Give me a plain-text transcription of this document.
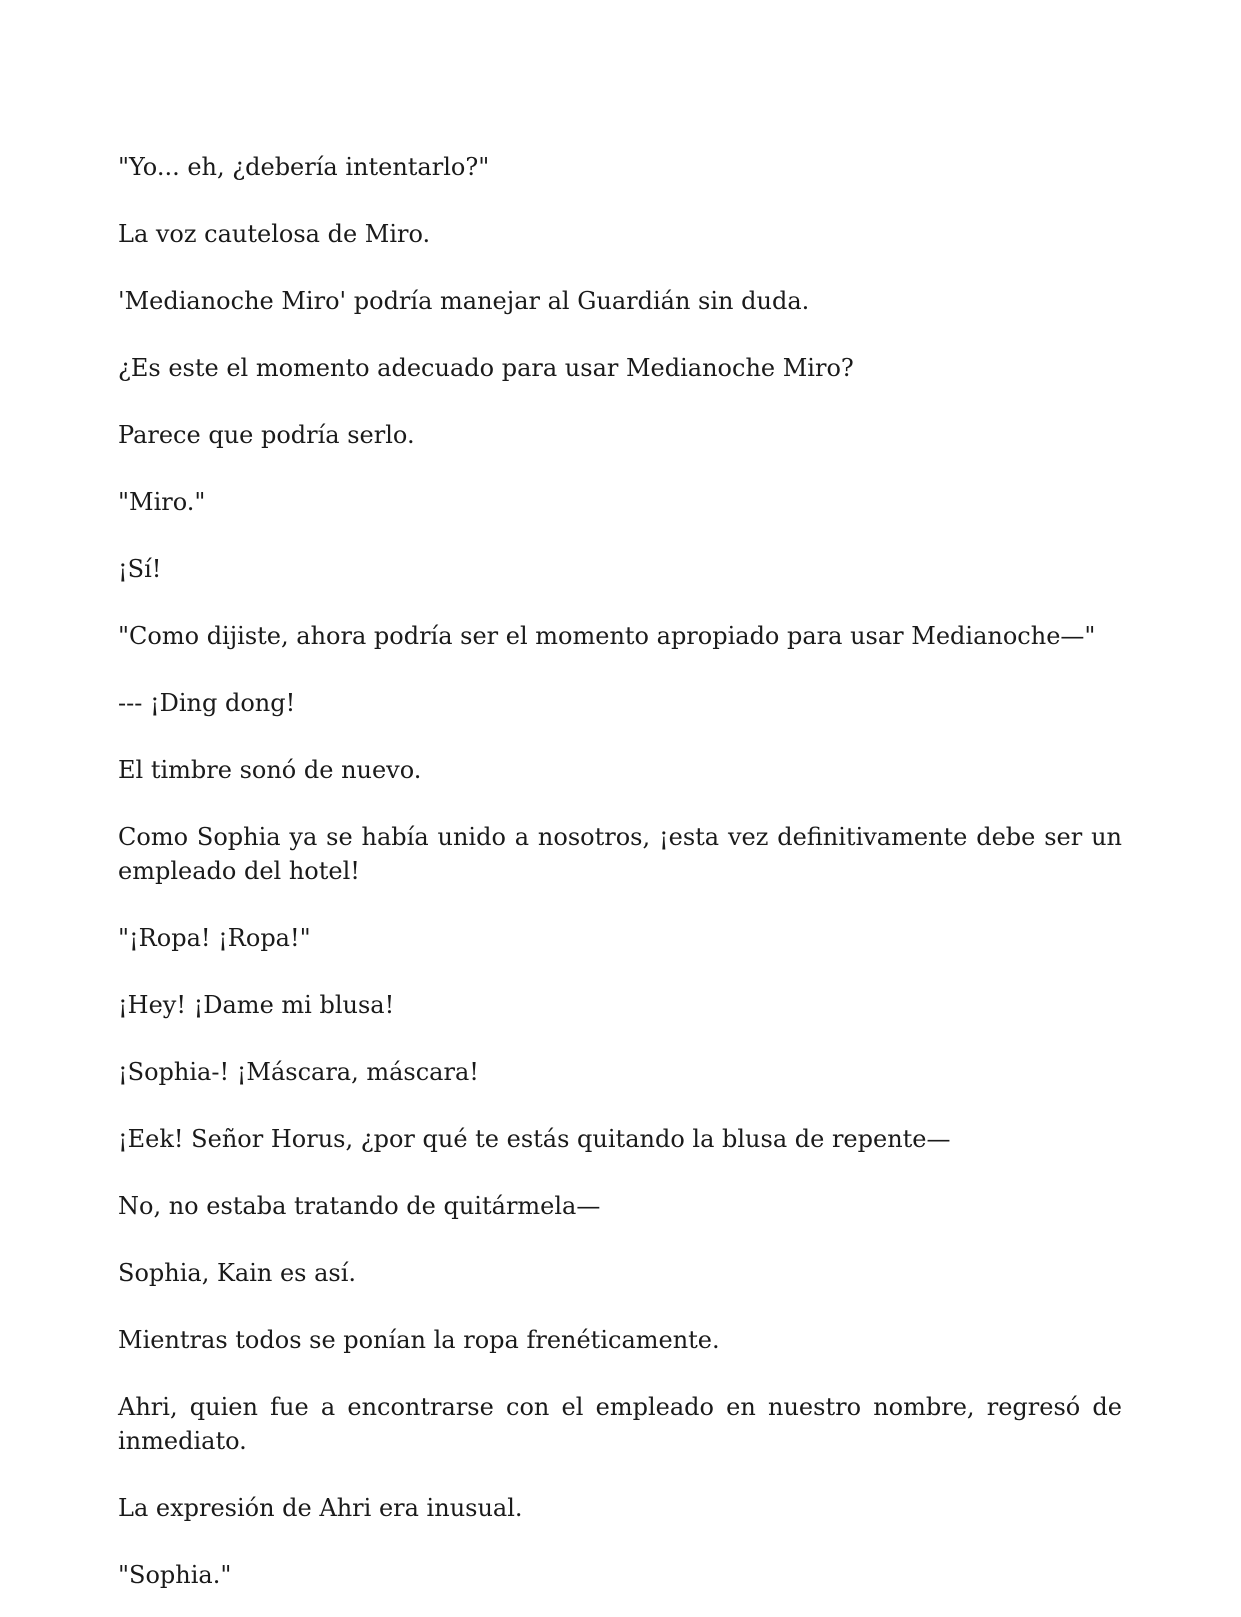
"Yo... eh, ¿debería intentarlo?"

La voz cautelosa de Miro.

'Medianoche Miro' podría manejar al Guardián sin duda.

¿Es este el momento adecuado para usar Medianoche Miro?

Parece que podría serlo.

"Miro."

¡Sí!

"Como dijiste, ahora podría ser el momento apropiado para usar Medianoche—"

--- ¡Ding dong!

El timbre sonó de nuevo.

Como Sophia ya se había unido a nosotros, ¡esta vez definitivamente debe ser un empleado del hotel!

"¡Ropa! ¡Ropa!"

¡Hey! ¡Dame mi blusa!

¡Sophia-! ¡Máscara, máscara!

¡Eek! Señor Horus, ¿por qué te estás quitando la blusa de repente—

No, no estaba tratando de quitármela—

Sophia, Kain es así.

Mientras todos se ponían la ropa frenéticamente.

Ahri, quien fue a encontrarse con el empleado en nuestro nombre, regresó de inmediato.

La expresión de Ahri era inusual.

"Sophia."
